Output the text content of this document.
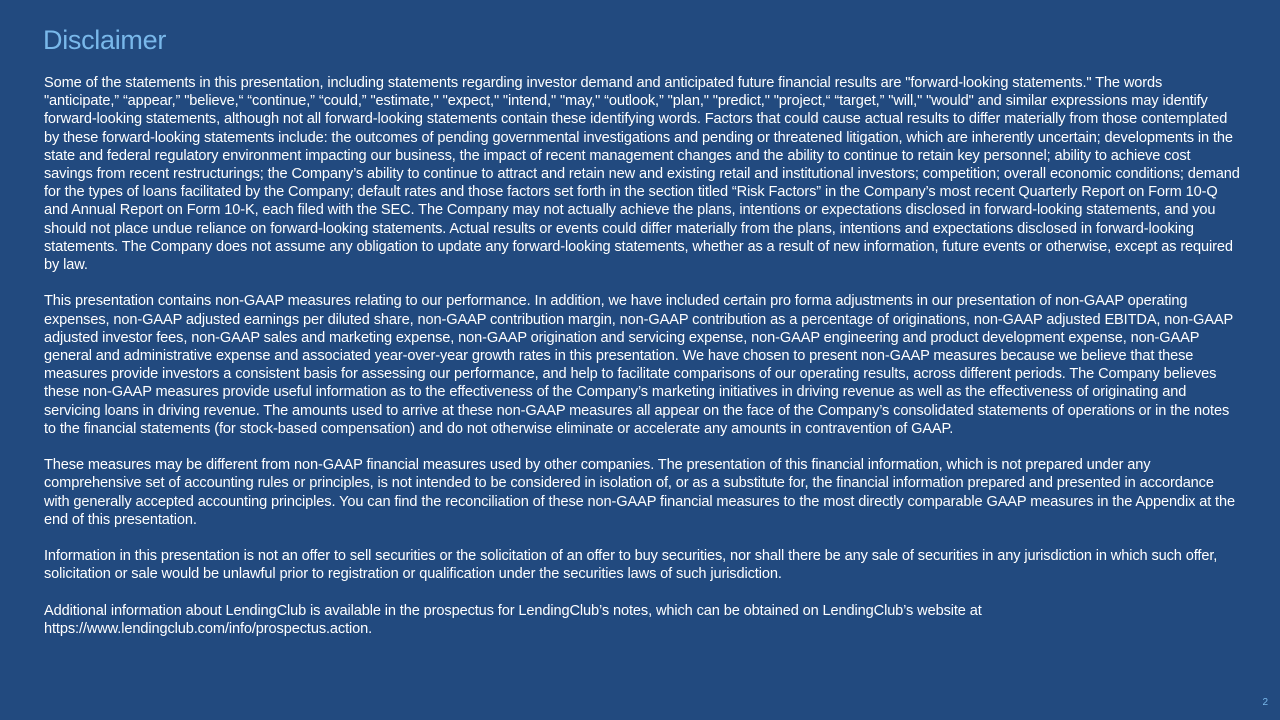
Disclaimer

Some of the statements in this presentation, including statements regarding investor demand and anticipated future financial results are "forward-looking statements." The words "anticipate,” “appear,” "believe,“ “continue,” “could,” "estimate," "expect," "intend," "may," “outlook,” "plan," "predict," "project,“ “target,” "will," "would" and similar expressions may identify forward-looking statements, although not all forward-looking statements contain these identifying words. Factors that could cause actual results to differ materially from those contemplated by these forward-looking statements include: the outcomes of pending governmental investigations and pending or threatened litigation, which are inherently uncertain; developments in the state and federal regulatory environment impacting our business, the impact of recent management changes and the ability to continue to retain key personnel; ability to achieve cost savings from recent restructurings; the Company’s ability to continue to attract and retain new and existing retail and institutional investors; competition; overall economic conditions; demand for the types of loans facilitated by the Company; default rates and those factors set forth in the section titled “Risk Factors” in the Company’s most recent Quarterly Report on Form 10-Q and Annual Report on Form 10-K, each filed with the SEC. The Company may not actually achieve the plans, intentions or expectations disclosed in forward-looking statements, and you should not place undue reliance on forward-looking statements. Actual results or events could differ materially from the plans, intentions and expectations disclosed in forward-looking statements. The Company does not assume any obligation to update any forward-looking statements, whether as a result of new information, future events or otherwise, except as required by law.

This presentation contains non-GAAP measures relating to our performance. In addition, we have included certain pro forma adjustments in our presentation of non-GAAP operating expenses, non-GAAP adjusted earnings per diluted share, non-GAAP contribution margin, non-GAAP contribution as a percentage of originations, non-GAAP adjusted EBITDA, non-GAAP adjusted investor fees, non-GAAP sales and marketing expense, non-GAAP origination and servicing expense, non-GAAP engineering and product development expense, non-GAAP general and administrative expense and associated year-over-year growth rates in this presentation. We have chosen to present non-GAAP measures because we believe that these measures provide investors a consistent basis for assessing our performance, and help to facilitate comparisons of our operating results, across different periods. The Company believes these non-GAAP measures provide useful information as to the effectiveness of the Company’s marketing initiatives in driving revenue as well as the effectiveness of originating and servicing loans in driving revenue. The amounts used to arrive at these non-GAAP measures all appear on the face of the Company’s consolidated statements of operations or in the notes to the financial statements (for stock-based compensation) and do not otherwise eliminate or accelerate any amounts in contravention of GAAP.

These measures may be different from non-GAAP financial measures used by other companies. The presentation of this financial information, which is not prepared under any comprehensive set of accounting rules or principles, is not intended to be considered in isolation of, or as a substitute for, the financial information prepared and presented in accordance with generally accepted accounting principles. You can find the reconciliation of these non-GAAP financial measures to the most directly comparable GAAP measures in the Appendix at the end of this presentation.

Information in this presentation is not an offer to sell securities or the solicitation of an offer to buy securities, nor shall there be any sale of securities in any jurisdiction in which such offer, solicitation or sale would be unlawful prior to registration or qualification under the securities laws of such jurisdiction.

Additional information about LendingClub is available in the prospectus for LendingClub’s notes, which can be obtained on LendingClub’s website at https://www.lendingclub.com/info/prospectus.action.

2
